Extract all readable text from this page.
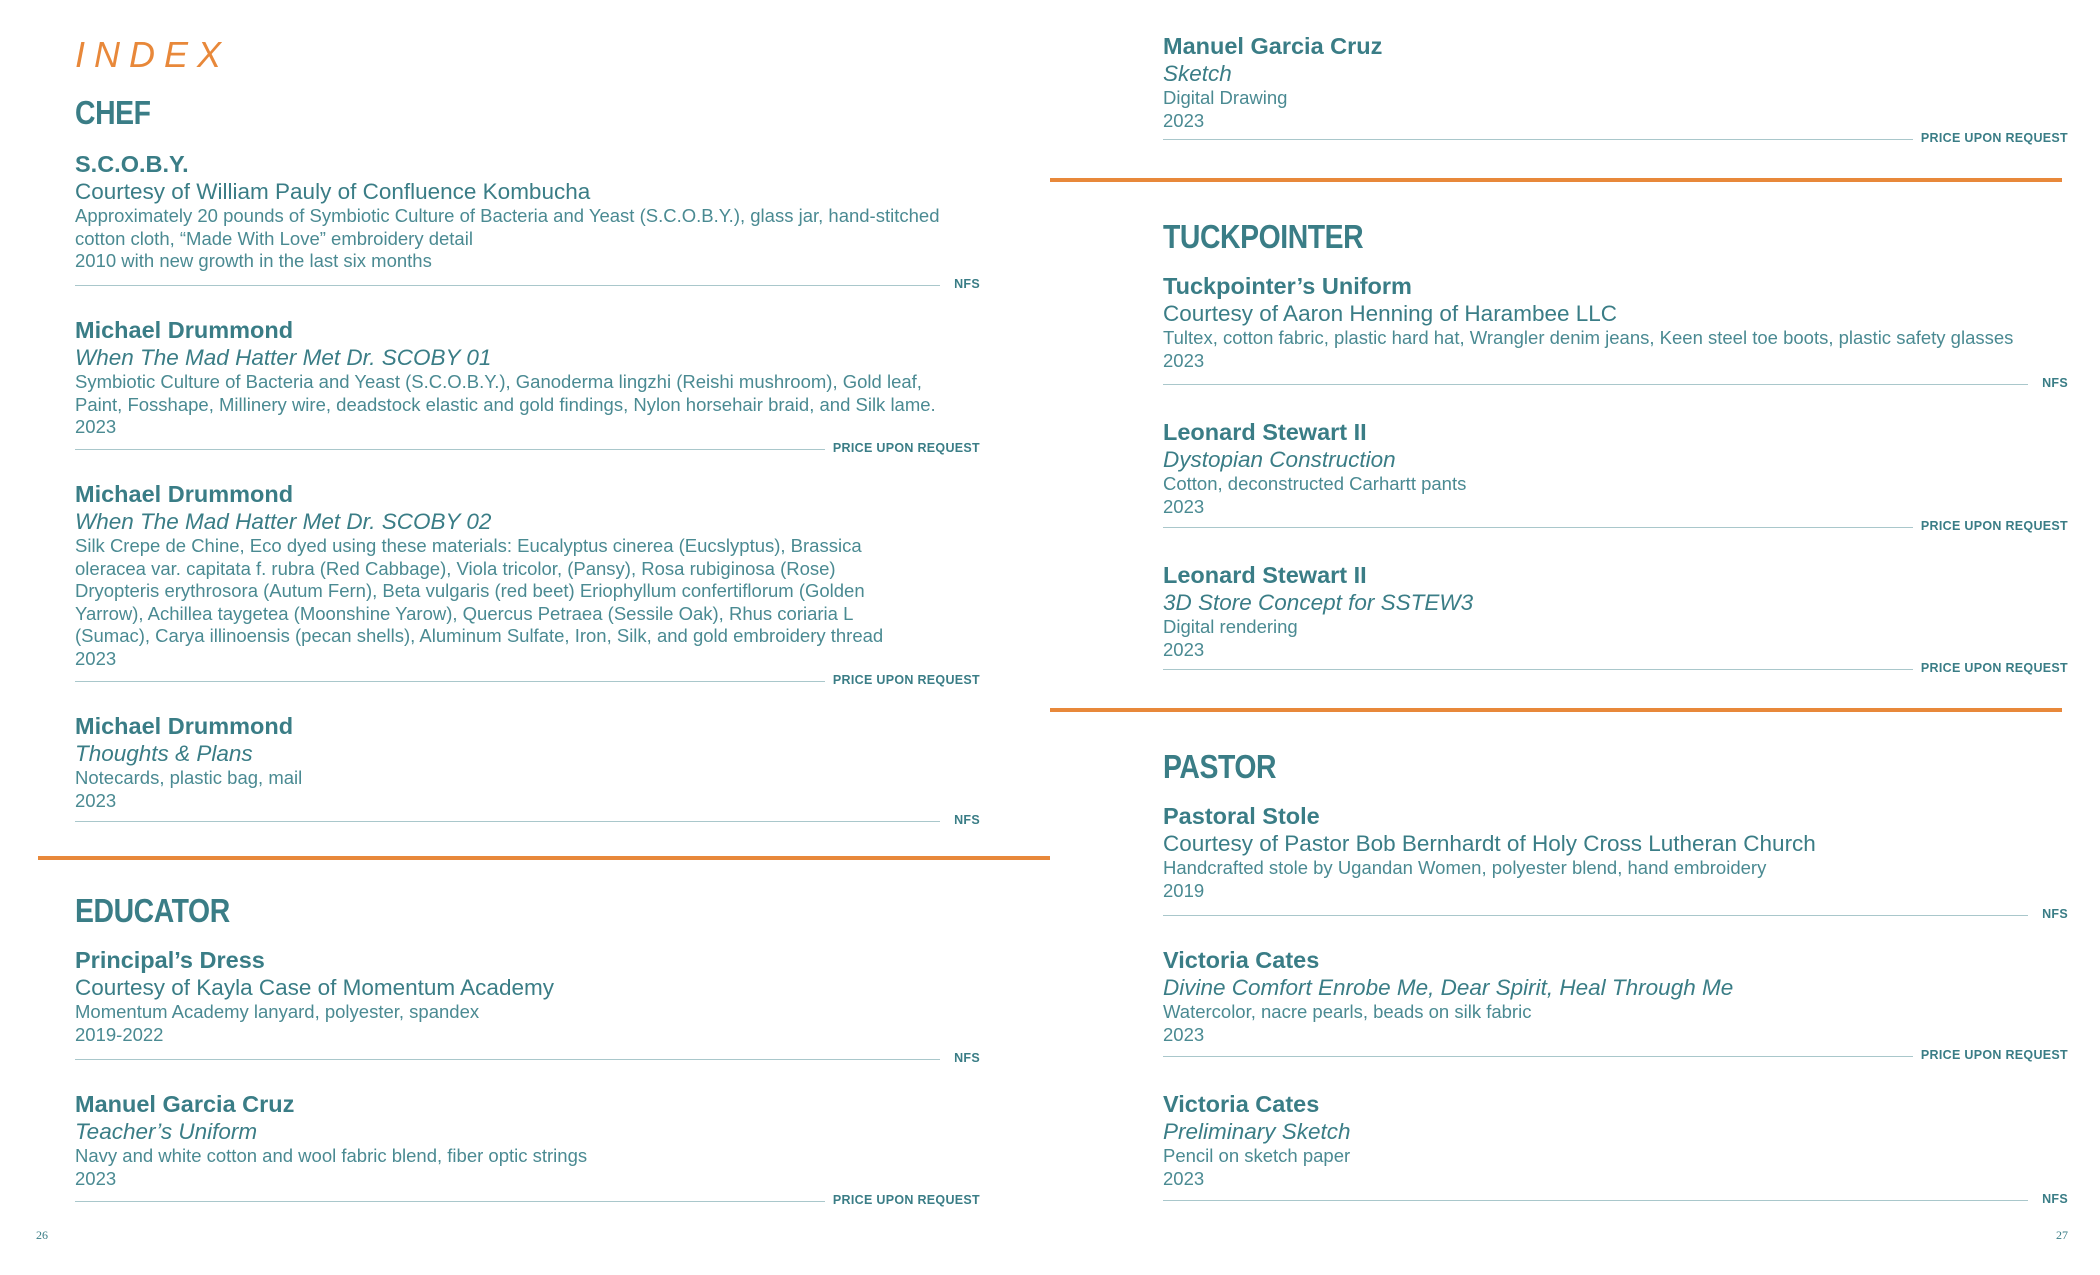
INDEX
CHEF
S.C.O.B.Y.
Courtesy of William Pauly of Confluence Kombucha
Approximately 20 pounds of Symbiotic Culture of Bacteria and Yeast (S.C.O.B.Y.), glass jar, hand-stitched
cotton cloth, “Made With Love” embroidery detail
2010 with new growth in the last six months
NFS
Michael Drummond
When The Mad Hatter Met Dr. SCOBY 01
Symbiotic Culture of Bacteria and Yeast (S.C.O.B.Y.), Ganoderma lingzhi (Reishi mushroom), Gold leaf,
Paint, Fosshape, Millinery wire, deadstock elastic and gold findings, Nylon horsehair braid, and Silk lame.
2023
PRICE UPON REQUEST
Michael Drummond
When The Mad Hatter Met Dr. SCOBY 02
Silk Crepe de Chine, Eco dyed using these materials: Eucalyptus cinerea (Eucslyptus), Brassica
oleracea var. capitata f. rubra (Red Cabbage), Viola tricolor, (Pansy), Rosa rubiginosa (Rose)
Dryopteris erythrosora (Autum Fern), Beta vulgaris (red beet) Eriophyllum confertiflorum (Golden
Yarrow), Achillea taygetea (Moonshine Yarow), Quercus Petraea (Sessile Oak), Rhus coriaria L
(Sumac), Carya illinoensis (pecan shells), Aluminum Sulfate, Iron, Silk, and gold embroidery thread
2023
PRICE UPON REQUEST
Michael Drummond
Thoughts & Plans
Notecards, plastic bag, mail
2023
NFS
EDUCATOR
Principal’s Dress
Courtesy of Kayla Case of Momentum Academy
Momentum Academy lanyard, polyester, spandex
2019-2022
NFS
Manuel Garcia Cruz
Teacher’s Uniform
Navy and white cotton and wool fabric blend, fiber optic strings
2023
PRICE UPON REQUEST
26
Manuel Garcia Cruz
Sketch
Digital Drawing
2023
PRICE UPON REQUEST
TUCKPOINTER
Tuckpointer’s Uniform
Courtesy of Aaron Henning of Harambee LLC
Tultex, cotton fabric, plastic hard hat, Wrangler denim jeans, Keen steel toe boots, plastic safety glasses
2023
NFS
Leonard Stewart II
Dystopian Construction
Cotton, deconstructed Carhartt pants
2023
PRICE UPON REQUEST
Leonard Stewart II
3D Store Concept for SSTEW3
Digital rendering
2023
PRICE UPON REQUEST
PASTOR
Pastoral Stole
Courtesy of Pastor Bob Bernhardt of Holy Cross Lutheran Church
Handcrafted stole by Ugandan Women, polyester blend, hand embroidery
2019
NFS
Victoria Cates
Divine Comfort Enrobe Me, Dear Spirit, Heal Through Me
Watercolor, nacre pearls, beads on silk fabric
2023
PRICE UPON REQUEST
Victoria Cates
Preliminary Sketch
Pencil on sketch paper
2023
NFS
27
